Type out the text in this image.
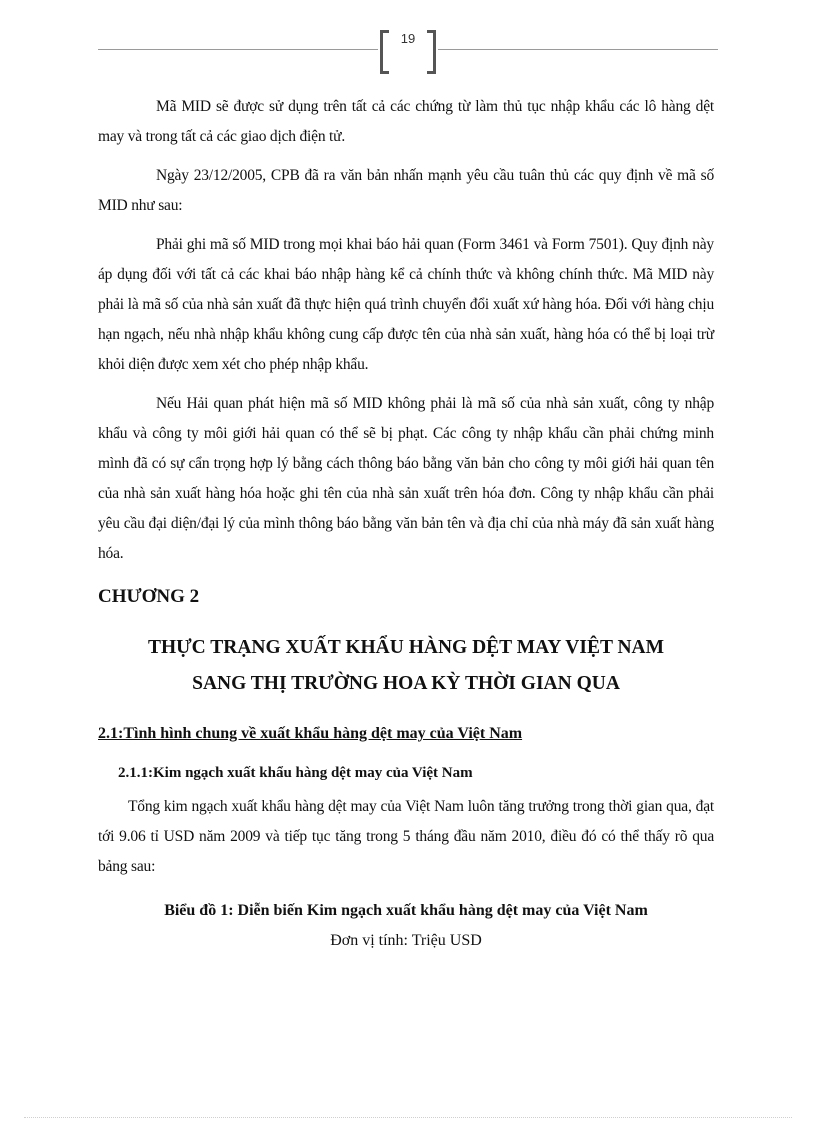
19

Mã MID sẽ được sử dụng trên tất cả các chứng từ làm thủ tục nhập khẩu các lô hàng dệt may và trong tất cả các giao dịch điện tử.

Ngày 23/12/2005, CPB đã ra văn bản nhấn mạnh yêu cầu tuân thủ các quy định về mã số MID như sau:

Phải ghi mã số MID trong mọi khai báo hải quan (Form 3461 và Form 7501). Quy định này áp dụng đối với tất cả các khai báo nhập hàng kể cả chính thức và không chính thức. Mã MID này phải là mã số của nhà sản xuất đã thực hiện quá trình chuyển đổi xuất xứ hàng hóa. Đối với hàng chịu hạn ngạch, nếu nhà nhập khẩu không cung cấp được tên của nhà sản xuất, hàng hóa có thể bị loại trừ khỏi diện được xem xét cho phép nhập khẩu.

Nếu Hải quan phát hiện mã số MID không phải là mã số của nhà sản xuất, công ty nhập khẩu và công ty môi giới hải quan có thể sẽ bị phạt. Các công ty nhập khẩu cần phải chứng minh mình đã có sự cẩn trọng hợp lý bằng cách thông báo bằng văn bản cho công ty môi giới hải quan tên của nhà sản xuất hàng hóa hoặc ghi tên của nhà sản xuất trên hóa đơn. Công ty nhập khẩu cần phải yêu cầu đại diện/đại lý của mình thông báo bằng văn bản tên và địa chỉ của nhà máy đã sản xuất hàng hóa.

CHƯƠNG 2
THỰC TRẠNG XUẤT KHẨU HÀNG DỆT MAY VIỆT NAM
SANG THỊ TRƯỜNG HOA KỲ THỜI GIAN QUA
2.1:Tình hình chung về xuất khẩu hàng dệt may của Việt Nam
2.1.1:Kim ngạch xuất khẩu hàng dệt may của Việt Nam

Tổng kim ngạch xuất khẩu hàng dệt may của Việt Nam luôn tăng trưởng trong thời gian qua, đạt tới 9.06 tỉ USD năm 2009 và tiếp tục tăng trong 5 tháng đầu năm 2010, điều đó có thể thấy rõ qua bảng sau:

Biểu đồ 1: Diễn biến Kim ngạch xuất khẩu hàng dệt may của Việt Nam
Đơn vị tính: Triệu USD
